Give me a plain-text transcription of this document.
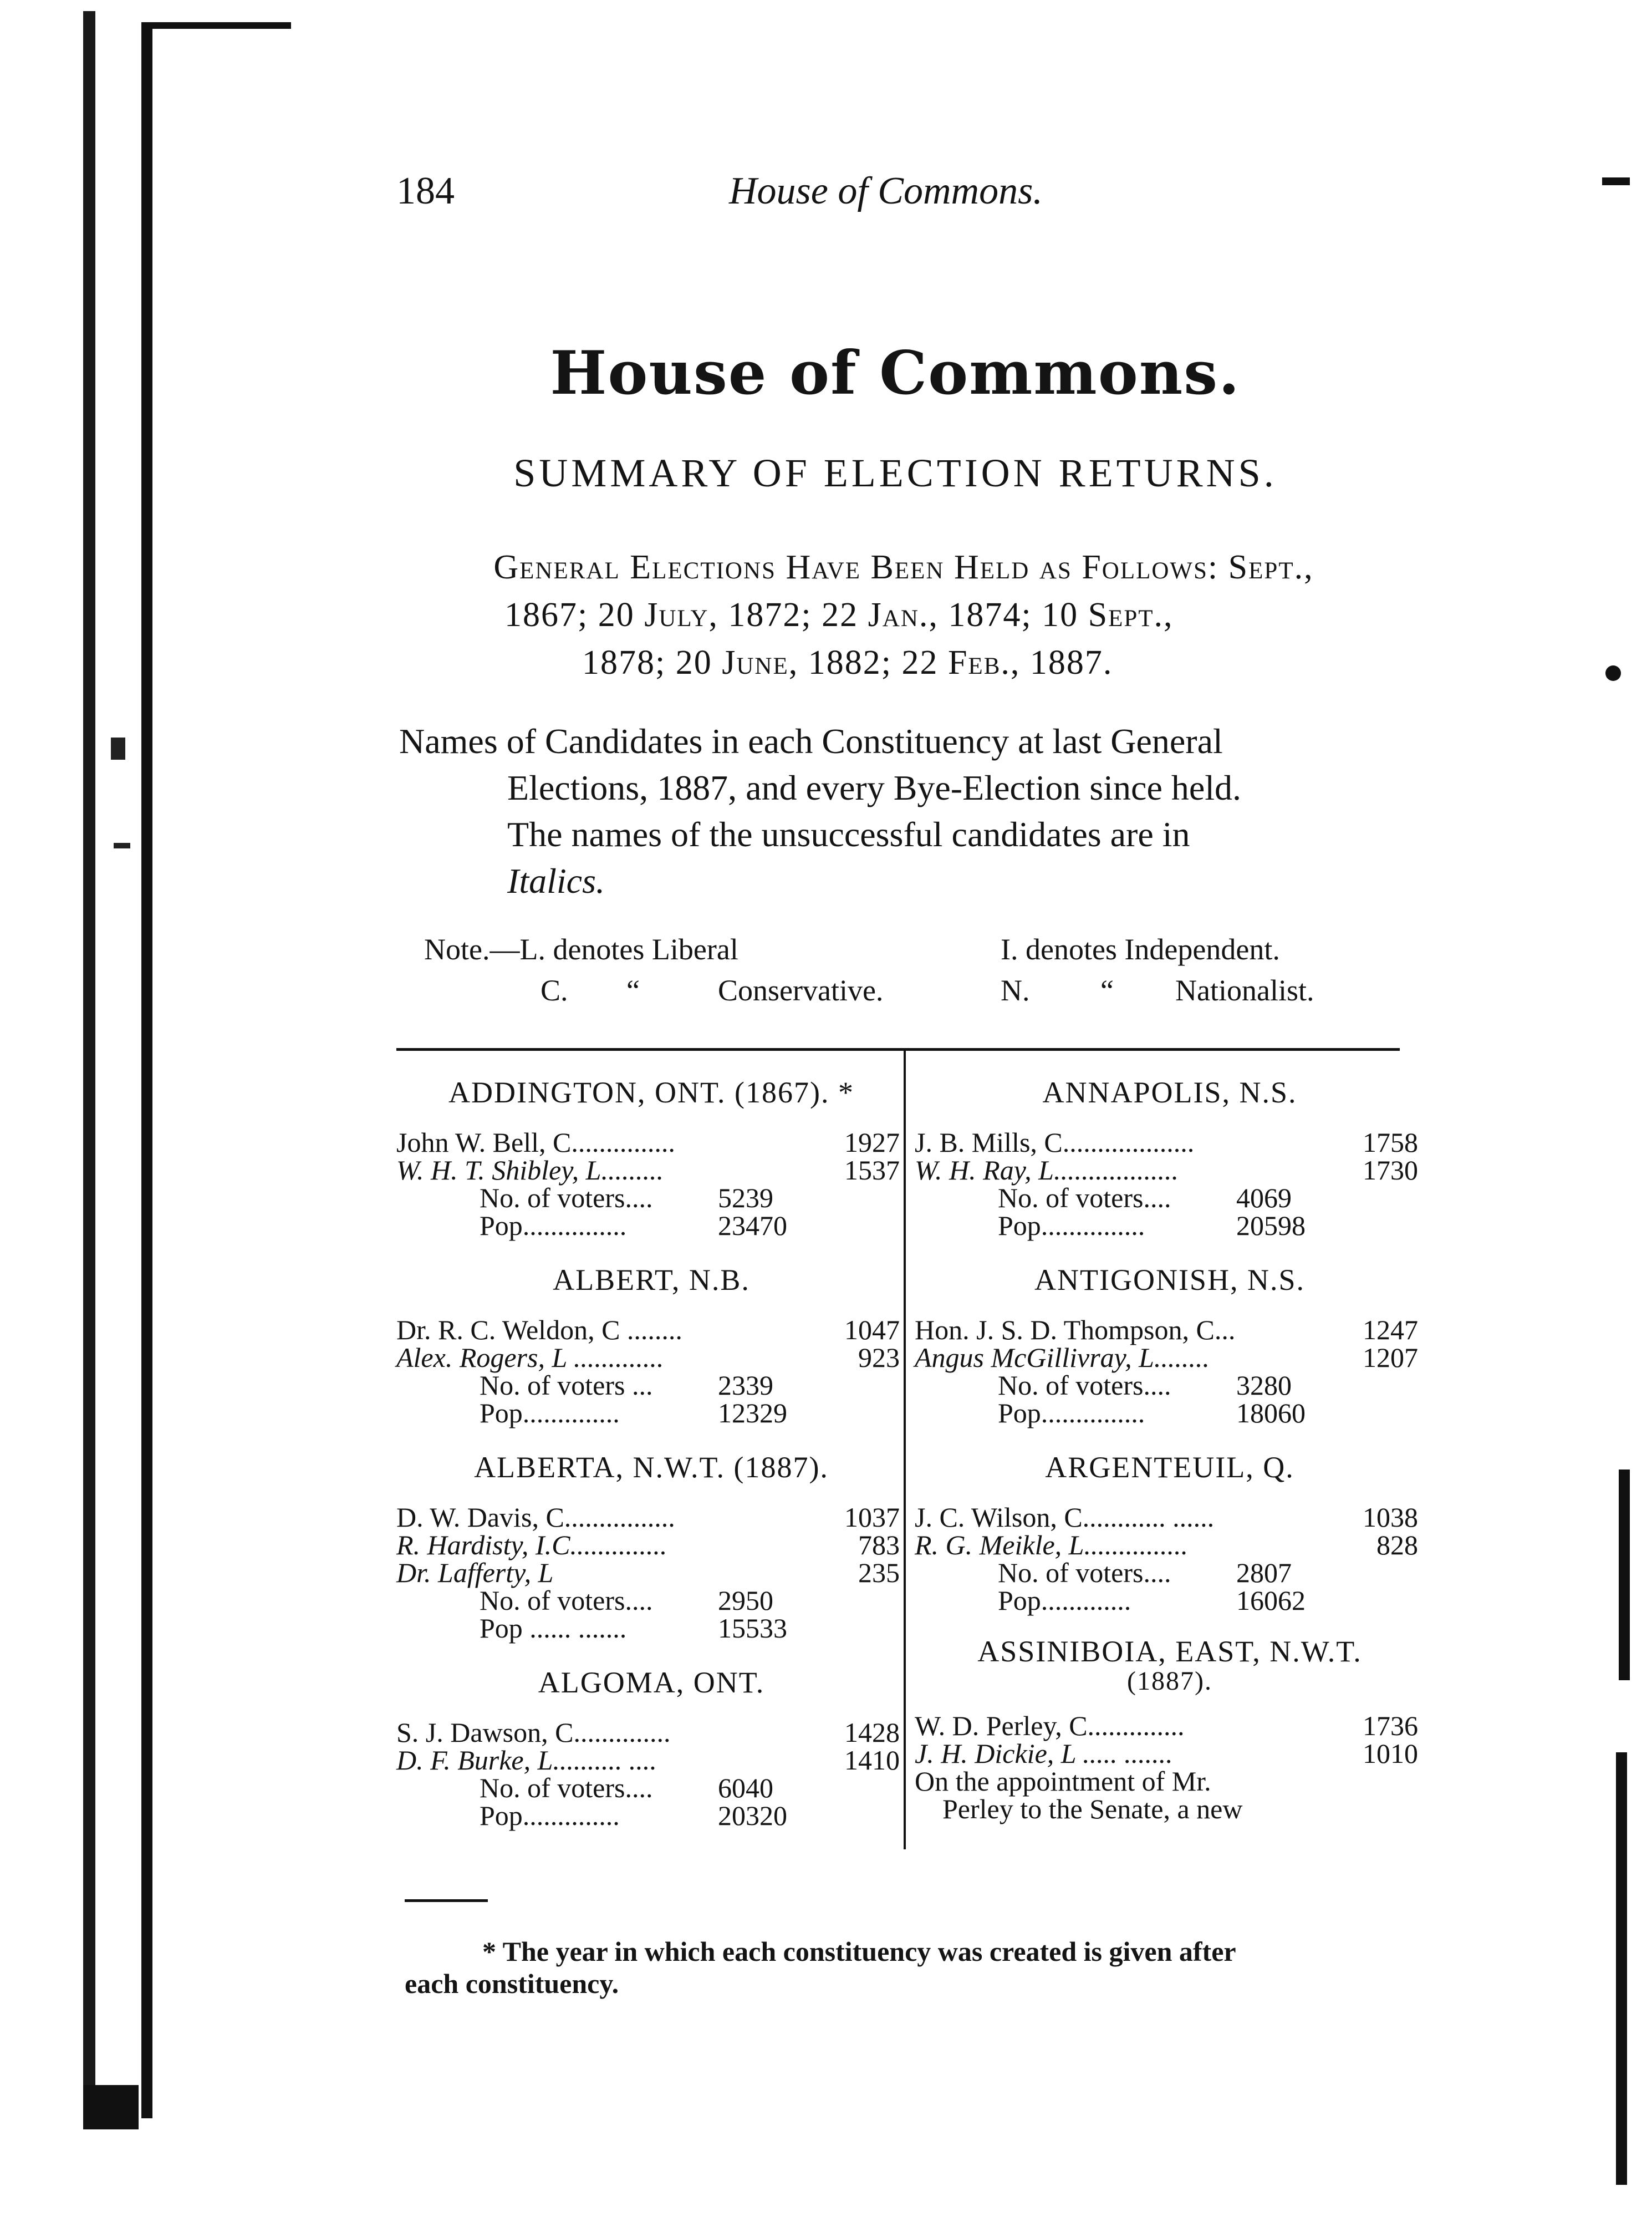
184	House of Commons.
House of Commons.
SUMMARY OF ELECTION RETURNS.
General Elections Have Been Held as Follows: Sept.,
1867; 20 July, 1872; 22 Jan., 1874; 10 Sept.,
1878; 20 June, 1882; 22 Feb., 1887.
Names of Candidates in each Constituency at last General
Elections, 1887, and every Bye-Election since held.
The names of the unsuccessful candidates are in
Italics.
Note.—L. denotes Liberal	I. denotes Independent.
C. “	Conservative.	N. “ Nationalist.
ADDINGTON, ONT. (1867). *
John W. Bell, C...............	1927
W. H. T. Shibley, L.........	1537
No. of voters.... 5239
Pop...............	23470
ALBERT, N.B.
Dr. R. C. Weldon, C ........	1047
Alex. Rogers, L .............	923
No. of voters ... 2339
Pop..............	12329
ALBERTA, N.W.T. (1887).
D. W. Davis, C................	1037
R. Hardisty, I.C..............	783
Dr. Lafferty, L	235
No. of voters.... 2950
Pop ...... .......	15533
ALGOMA, ONT.
S. J. Dawson, C..............	1428
D. F. Burke, L.......... ....	1410
No. of voters.... 6040
Pop..............	20320
ANNAPOLIS, N.S.
J. B. Mills, C...................	1758
W. H. Ray, L..................	1730
No. of voters.... 4069
Pop...............	20598
ANTIGONISH, N.S.
Hon. J. S. D. Thompson, C...	1247
Angus McGillivray, L........	1207
No. of voters.... 3280
Pop...............	18060
ARGENTEUIL, Q.
J. C. Wilson, C............ ......	1038
R. G. Meikle, L...............	828
No. of voters.... 2807
Pop.............	16062
ASSINIBOIA, EAST, N.W.T.
(1887).
W. D. Perley, C..............	1736
J. H. Dickie, L ..... .......	1010
On the appointment of Mr.
Perley to the Senate, a new
* The year in which each constituency was created is given after
each constituency.
